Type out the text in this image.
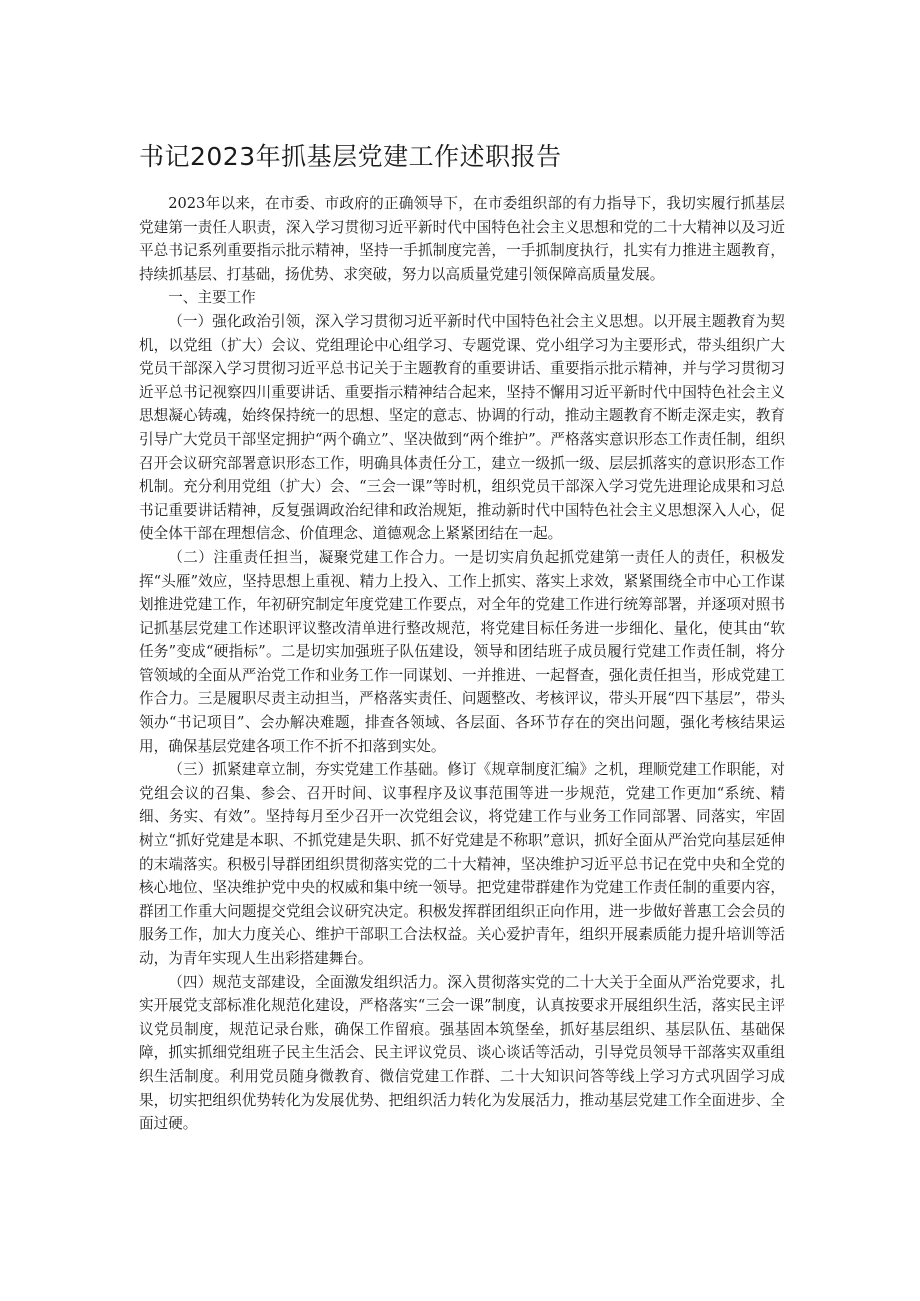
书记2023年抓基层党建工作述职报告

2023年以来，在市委、市政府的正确领导下，在市委组织部的有力指导下，我切实履行抓基层党建第一责任人职责，深入学习贯彻习近平新时代中国特色社会主义思想和党的二十大精神以及习近平总书记系列重要指示批示精神，坚持一手抓制度完善，一手抓制度执行，扎实有力推进主题教育，持续抓基层、打基础，扬优势、求突破，努力以高质量党建引领保障高质量发展。

一、主要工作

（一）强化政治引领，深入学习贯彻习近平新时代中国特色社会主义思想。以开展主题教育为契机，以党组（扩大）会议、党组理论中心组学习、专题党课、党小组学习为主要形式，带头组织广大党员干部深入学习贯彻习近平总书记关于主题教育的重要讲话、重要指示批示精神，并与学习贯彻习近平总书记视察四川重要讲话、重要指示精神结合起来，坚持不懈用习近平新时代中国特色社会主义思想凝心铸魂，始终保持统一的思想、坚定的意志、协调的行动，推动主题教育不断走深走实，教育引导广大党员干部坚定拥护“两个确立”、坚决做到“两个维护”。严格落实意识形态工作责任制，组织召开会议研究部署意识形态工作，明确具体责任分工，建立一级抓一级、层层抓落实的意识形态工作机制。充分利用党组（扩大）会、“三会一课”等时机，组织党员干部深入学习党先进理论成果和习总书记重要讲话精神，反复强调政治纪律和政治规矩，推动新时代中国特色社会主义思想深入人心，促使全体干部在理想信念、价值理念、道德观念上紧紧团结在一起。

（二）注重责任担当，凝聚党建工作合力。一是切实肩负起抓党建第一责任人的责任，积极发挥“头雁”效应，坚持思想上重视、精力上投入、工作上抓实、落实上求效，紧紧围绕全市中心工作谋划推进党建工作，年初研究制定年度党建工作要点，对全年的党建工作进行统筹部署，并逐项对照书记抓基层党建工作述职评议整改清单进行整改规范，将党建目标任务进一步细化、量化，使其由“软任务”变成“硬指标”。二是切实加强班子队伍建设，领导和团结班子成员履行党建工作责任制，将分管领域的全面从严治党工作和业务工作一同谋划、一并推进、一起督查，强化责任担当，形成党建工作合力。三是履职尽责主动担当，严格落实责任、问题整改、考核评议，带头开展“四下基层”，带头领办“书记项目”、会办解决难题，排查各领域、各层面、各环节存在的突出问题，强化考核结果运用，确保基层党建各项工作不折不扣落到实处。

（三）抓紧建章立制，夯实党建工作基础。修订《规章制度汇编》之机，理顺党建工作职能，对党组会议的召集、参会、召开时间、议事程序及议事范围等进一步规范，党建工作更加“系统、精细、务实、有效”。坚持每月至少召开一次党组会议，将党建工作与业务工作同部署、同落实，牢固树立“抓好党建是本职、不抓党建是失职、抓不好党建是不称职”意识，抓好全面从严治党向基层延伸的末端落实。积极引导群团组织贯彻落实党的二十大精神，坚决维护习近平总书记在党中央和全党的核心地位、坚决维护党中央的权威和集中统一领导。把党建带群建作为党建工作责任制的重要内容，群团工作重大问题提交党组会议研究决定。积极发挥群团组织正向作用，进一步做好普惠工会会员的服务工作，加大力度关心、维护干部职工合法权益。关心爱护青年，组织开展素质能力提升培训等活动，为青年实现人生出彩搭建舞台。

（四）规范支部建设，全面激发组织活力。深入贯彻落实党的二十大关于全面从严治党要求，扎实开展党支部标准化规范化建设，严格落实“三会一课”制度，认真按要求开展组织生活，落实民主评议党员制度，规范记录台账，确保工作留痕。强基固本筑堡垒，抓好基层组织、基层队伍、基础保障，抓实抓细党组班子民主生活会、民主评议党员、谈心谈话等活动，引导党员领导干部落实双重组织生活制度。利用党员随身微教育、微信党建工作群、二十大知识问答等线上学习方式巩固学习成果，切实把组织优势转化为发展优势、把组织活力转化为发展活力，推动基层党建工作全面进步、全面过硬。
